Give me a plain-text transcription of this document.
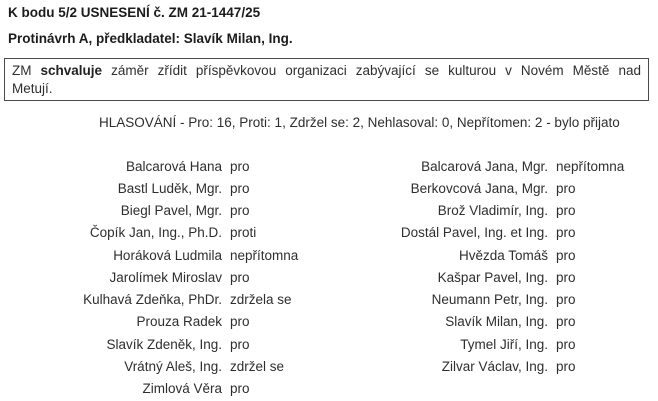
K bodu 5/2 USNESENÍ č. ZM 21-1447/25
Protinávrh A, předkladatel: Slavík Milan, Ing.
ZM schvaluje záměr zřídit příspěvkovou organizaci zabývající se kulturou v Novém Městě nad
Metují.
HLASOVÁNÍ - Pro: 16, Proti: 1, Zdržel se: 2, Nehlasoval: 0, Nepřítomen: 2 - bylo přijato
Balcarová Hana pro
Bastl Luděk, Mgr. pro
Biegl Pavel, Mgr. pro
Čopík Jan, Ing., Ph.D. proti
Horáková Ludmila nepřítomna
Jarolímek Miroslav pro
Kulhavá Zdeňka, PhDr. zdržela se
Prouza Radek pro
Slavík Zdeněk, Ing. pro
Vrátný Aleš, Ing. zdržel se
Zimlová Věra pro
Balcarová Jana, Mgr. nepřítomna
Berkovcová Jana, Mgr. pro
Brož Vladimír, Ing. pro
Dostál Pavel, Ing. et Ing. pro
Hvězda Tomáš pro
Kašpar Pavel, Ing. pro
Neumann Petr, Ing. pro
Slavík Milan, Ing. pro
Tymel Jiří, Ing. pro
Zilvar Václav, Ing. pro
